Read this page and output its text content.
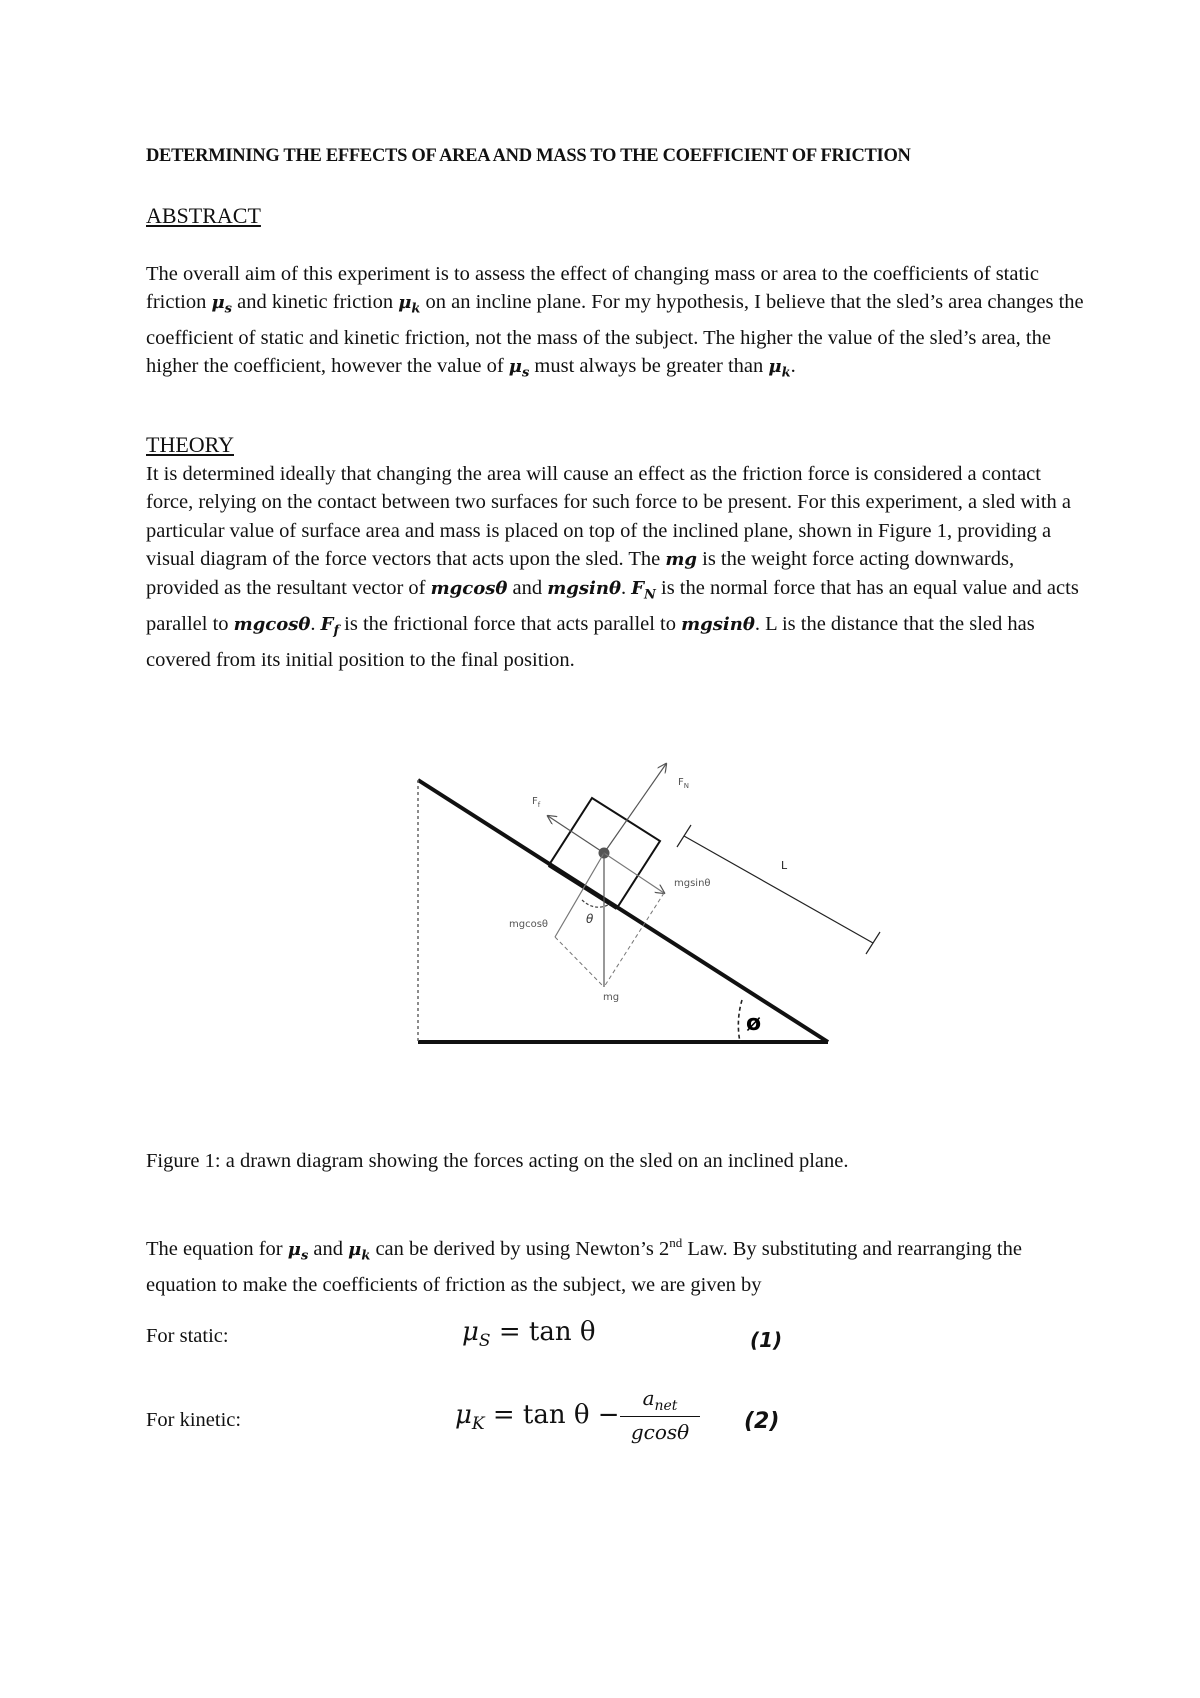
DETERMINING THE EFFECTS OF AREA AND MASS TO THE COEFFICIENT OF FRICTION
ABSTRACT

The overall aim of this experiment is to assess the effect of changing mass or area to the coefficients of static friction $\mu_s$ and kinetic friction $\mu_k$ on an incline plane. For my hypothesis, I believe that the sled’s area changes the coefficient of static and kinetic friction, not the mass of the subject. The higher the value of the sled’s area, the higher the coefficient, however the value of $\mu_s$ must always be greater than $\mu_k$.

THEORY

It is determined ideally that changing the area will cause an effect as the friction force is considered a contact force, relying on the contact between two surfaces for such force to be present. For this experiment, a sled with a particular value of surface area and mass is placed on top of the inclined plane, shown in Figure 1, providing a visual diagram of the force vectors that acts upon the sled. The mg is the weight force acting downwards, provided as the resultant vector of mgcosθ and mgsinθ. $F_N$ is the normal force that has an equal value and acts parallel to mgcosθ. $F_f$ is the frictional force that acts parallel to mgsinθ. L is the distance that the sled has covered from its initial position to the final position.

ø
$F_N$
$F_f$
mgsinθ
mgcosθ	θ
mg
L
Figure 1: a drawn diagram showing the forces acting on the sled on an inclined plane.

The equation for $\mu_s$ and $\mu_k$ can be derived by using Newton’s 2nd Law. By substituting and rearranging the equation to make the coefficients of friction as the subject, we are given by

For static:	$\mu_S = \tan \theta$	(1)
For kinetic:	$\mu_K = \tan \theta$ −
$a_{net}$
gcosθ	(2)
